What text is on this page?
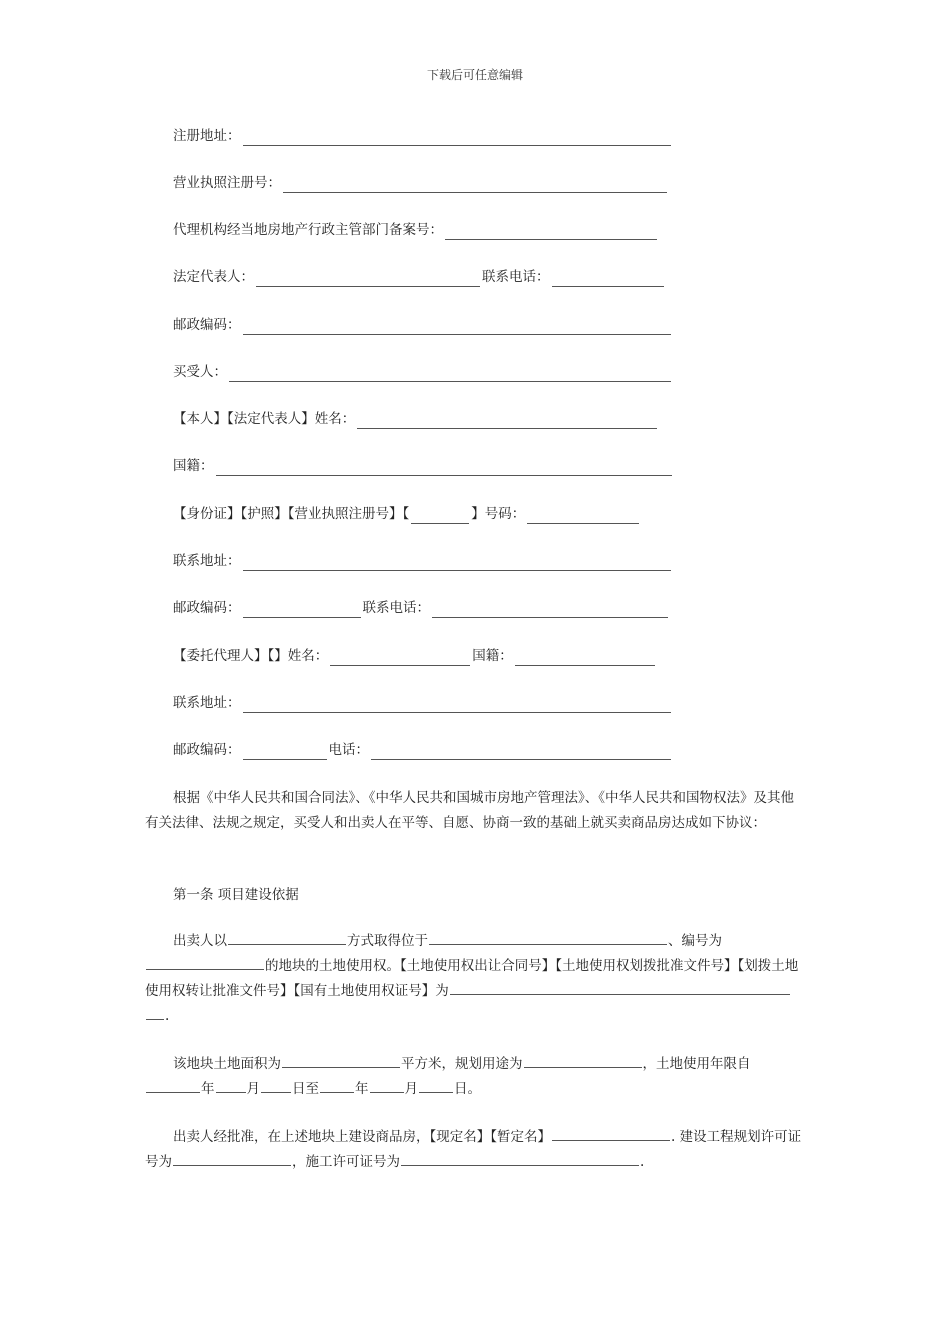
下载后可任意编辑
注册地址：
营业执照注册号：
代理机构经当地房地产行政主管部门备案号：
法定代表人：	联系电话：
邮政编码：
买受人：
【本人】【法定代表人】姓名：
国籍：
【身份证】【护照】【营业执照注册号】【	】号码：
联系地址：
邮政编码：	联系电话：
【委托代理人】【】姓名：	国籍：
联系地址：
邮政编码：	电话：
根据《中华人民共和国合同法》、《中华人民共和国城市房地产管理法》、《中华人民共和国物权法》及其他有关法律、法规之规定，买受人和出卖人在平等、自愿、协商一致的基础上就买卖商品房达成如下协议：
第一条 项目建设依据
出卖人以	方式取得位于	、编号为的地块的土地使用权。【土地使用权出让合同号】【土地使用权划拨批准文件号】【划拨土地使用权转让批准文件号】【国有土地使用权证号】为.
该地块土地面积为	平方米，规划用途为	，土地使用年限自年 月 日至	年	月	日。
出卖人经批准，在上述地块上建设商品房，【现定名】【暂定名】	. 建设工程规划许可证号为	，施工许可证号为	.
